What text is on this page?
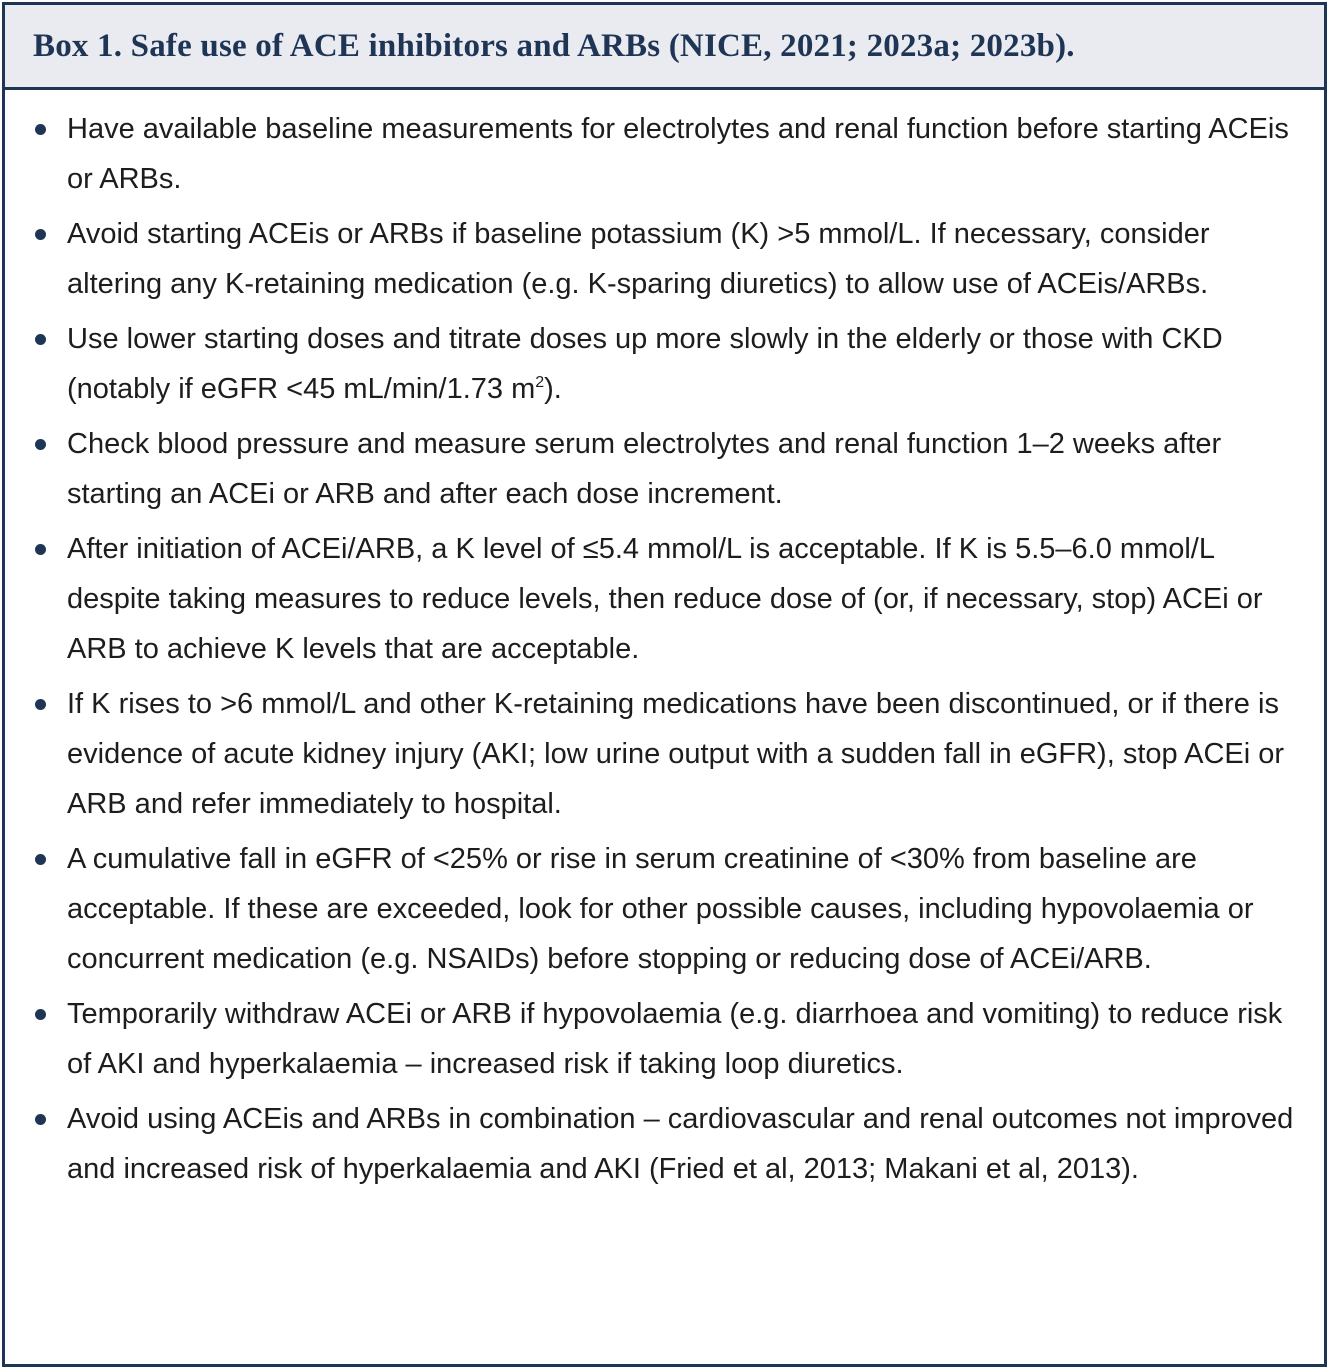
Box 1. Safe use of ACE inhibitors and ARBs (NICE, 2021; 2023a; 2023b).
Have available baseline measurements for electrolytes and renal function before starting ACEis or ARBs.
Avoid starting ACEis or ARBs if baseline potassium (K) >5 mmol/L. If necessary, consider altering any K-retaining medication (e.g. K-sparing diuretics) to allow use of ACEis/ARBs.
Use lower starting doses and titrate doses up more slowly in the elderly or those with CKD (notably if eGFR <45 mL/min/1.73 $m^2$).
Check blood pressure and measure serum electrolytes and renal function 1–2 weeks after starting an ACEi or ARB and after each dose increment.
After initiation of ACEi/ARB, a K level of ≤5.4 mmol/L is acceptable. If K is 5.5–6.0 mmol/L despite taking measures to reduce levels, then reduce dose of (or, if necessary, stop) ACEi or ARB to achieve K levels that are acceptable.
If K rises to >6 mmol/L and other K-retaining medications have been discontinued, or if there is evidence of acute kidney injury (AKI; low urine output with a sudden fall in eGFR), stop ACEi or ARB and refer immediately to hospital.
A cumulative fall in eGFR of <25% or rise in serum creatinine of <30% from baseline are acceptable. If these are exceeded, look for other possible causes, including hypovolaemia or concurrent medication (e.g. NSAIDs) before stopping or reducing dose of ACEi/ARB.
Temporarily withdraw ACEi or ARB if hypovolaemia (e.g. diarrhoea and vomiting) to reduce risk of AKI and hyperkalaemia – increased risk if taking loop diuretics.
Avoid using ACEis and ARBs in combination – cardiovascular and renal outcomes not improved and increased risk of hyperkalaemia and AKI (Fried et al, 2013; Makani et al, 2013).
